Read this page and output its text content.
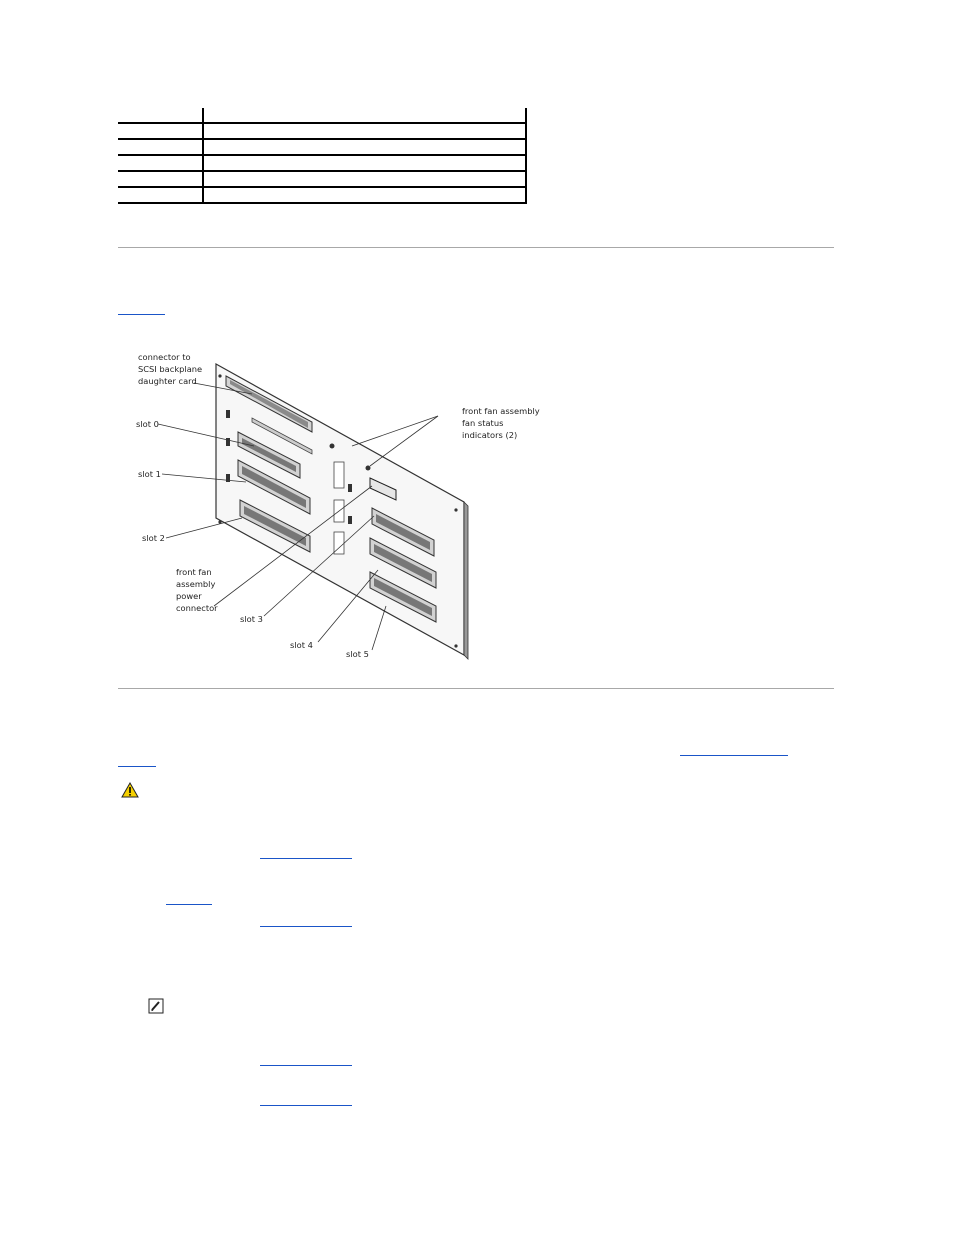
connector to
SCSI backplane
daughter card
slot 0
slot 1
slot 2
front fan assembly
fan status
indicators (2)
front fan
assembly
power
connector
slot 3
slot 4
slot 5
